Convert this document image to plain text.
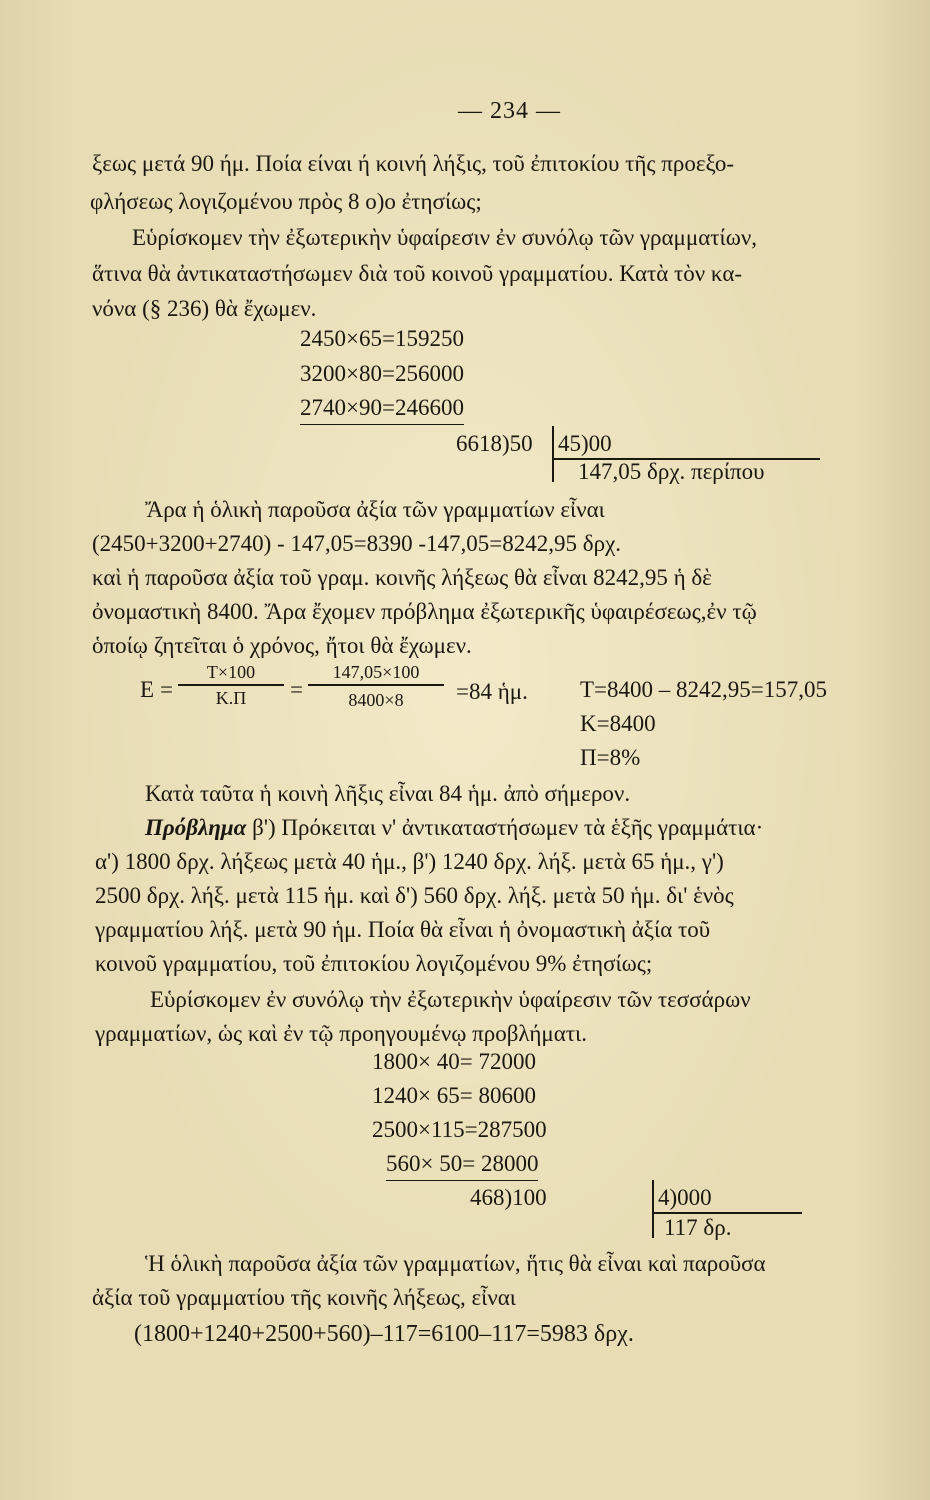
— 234 —
ξεως μετά 90 ήμ. Ποία είναι ή κοινή λήξις, τοῦ ἐπιτοκίου τῆς προεξο-
φλήσεως λογιζομένου πρὸς 8 ο)ο ἐτησίως;
Εὑρίσκομεν τὴν ἐξωτερικὴν ὑφαίρεσιν ἐν συνόλῳ τῶν γραμματίων,
ἅτινα θὰ ἀντικαταστήσωμεν διὰ τοῦ κοινοῦ γραμματίου. Κατὰ τὸν κα-
νόνα (§ 236) θὰ ἔχωμεν.
2450×65=159250
3200×80=256000
2740×90=246600
6618)50 45)00
147,05 δρχ. περίπου
Ἄρα ἡ ὁλικὴ παροῦσα ἀξία τῶν γραμματίων εἶναι
(2450+3200+2740) - 147,05=8390 -147,05=8242,95 δρχ.
καὶ ἡ παροῦσα ἀξία τοῦ γραμ. κοινῆς λήξεως θὰ εἶναι 8242,95 ἡ δὲ
ὀνομαστικὴ 8400. Ἄρα ἔχομεν πρόβλημα ἐξωτερικῆς ὑφαιρέσεως,ἐν τῷ
ὁποίῳ ζητεῖται ὁ χρόνος, ἤτοι θὰ ἔχωμεν.
E =
T×100
K.Π	=
147,05×100
8400×8	=84 ἡμ. T=8400 – 8242,95=157,05
K=8400
Π=8%
Κατὰ ταῦτα ἡ κοινὴ λῆξις εἶναι 84 ἡμ. ἀπὸ σήμερον.
Πρόβλημα β') Πρόκειται ν' ἀντικαταστήσωμεν τὰ ἑξῆς γραμμάτια·
α') 1800 δρχ. λήξεως μετὰ 40 ἡμ., β') 1240 δρχ. λήξ. μετὰ 65 ἡμ., γ')
2500 δρχ. λήξ. μετὰ 115 ἡμ. καὶ δ') 560 δρχ. λήξ. μετὰ 50 ἡμ. δι' ἑνὸς
γραμματίου λήξ. μετὰ 90 ἡμ. Ποία θὰ εἶναι ἡ ὀνομαστικὴ ἀξία τοῦ
κοινοῦ γραμματίου, τοῦ ἐπιτοκίου λογιζομένου 9% ἐτησίως;
Εὑρίσκομεν ἐν συνόλῳ τὴν ἐξωτερικὴν ὑφαίρεσιν τῶν τεσσάρων
γραμματίων, ὡς καὶ ἐν τῷ προηγουμένῳ προβλήματι.
1800× 40= 72000
1240× 65= 80600
2500×115=287500
560× 50= 28000
468)100	4)000
117 δρ.
Ἡ ὁλικὴ παροῦσα ἀξία τῶν γραμματίων, ἥτις θὰ εἶναι καὶ παροῦσα
ἀξία τοῦ γραμματίου τῆς κοινῆς λήξεως, εἶναι
(1800+1240+2500+560)–117=6100–117=5983 δρχ.
